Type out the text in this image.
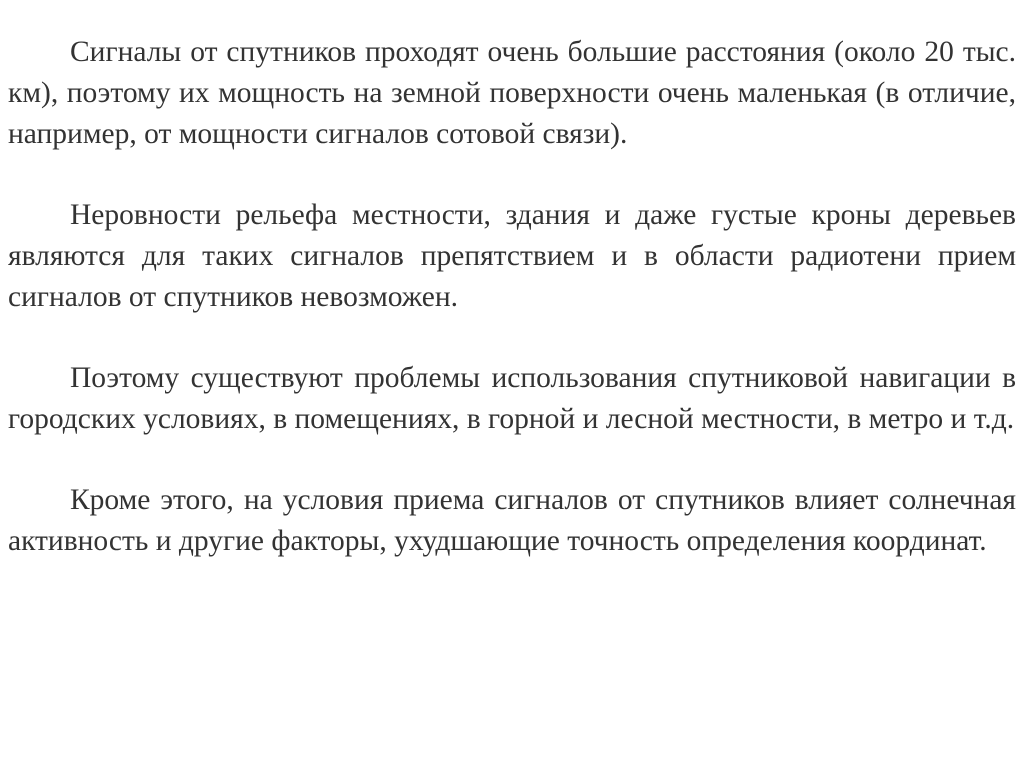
Сигналы от спутников проходят очень большие расстояния (около 20 тыс. км), поэтому их мощность на земной поверхности очень маленькая (в отличие, например, от мощности сигналов сотовой связи).

Неровности рельефа местности, здания и даже густые кроны деревьев являются для таких сигналов препятствием и в области радиотени прием сигналов от спутников невозможен.

Поэтому существуют проблемы использования спутниковой навигации в городских условиях, в помещениях, в горной и лесной местности, в метро и т.д.

Кроме этого, на условия приема сигналов от спутников влияет солнечная активность и другие факторы, ухудшающие точность определения координат.
